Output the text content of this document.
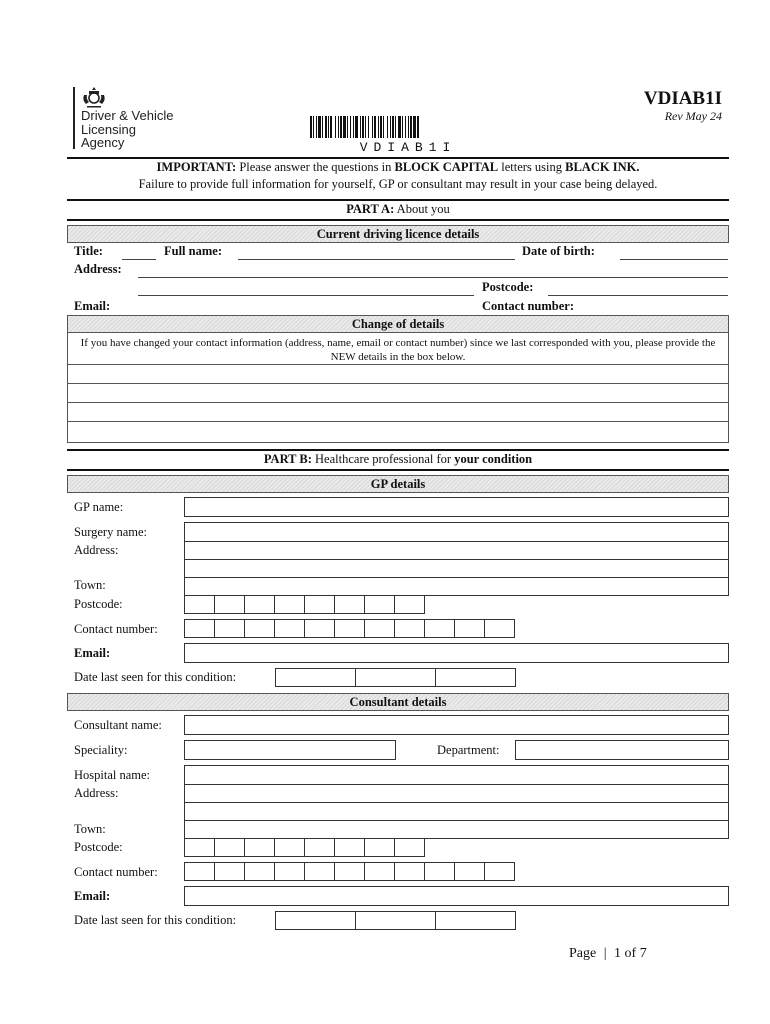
Driver & Vehicle
Licensing
Agency
VDIAB1I
Rev May 24
VDIAB1I
IMPORTANT: Please answer the questions in BLOCK CAPITAL letters using BLACK INK.
Failure to provide full information for yourself, GP or consultant may result in your case being delayed.
PART A: About you
Current driving licence details
Title:	Full name:	Date of birth:
Address:
Postcode:
Email:	Contact number:
Change of details
If you have changed your contact information (address, name, email or contact number) since we last corresponded with you, please provide the NEW details in the box below.
PART B: Healthcare professional for your condition
GP details
GP name:
Surgery name:
Address:
Town:
Postcode:
Contact number:
Email:
Date last seen for this condition:
Consultant details
Consultant name:
Speciality:	Department:
Hospital name:
Address:
Town:
Postcode:
Contact number:
Email:
Date last seen for this condition:
Page | 1 of 7
